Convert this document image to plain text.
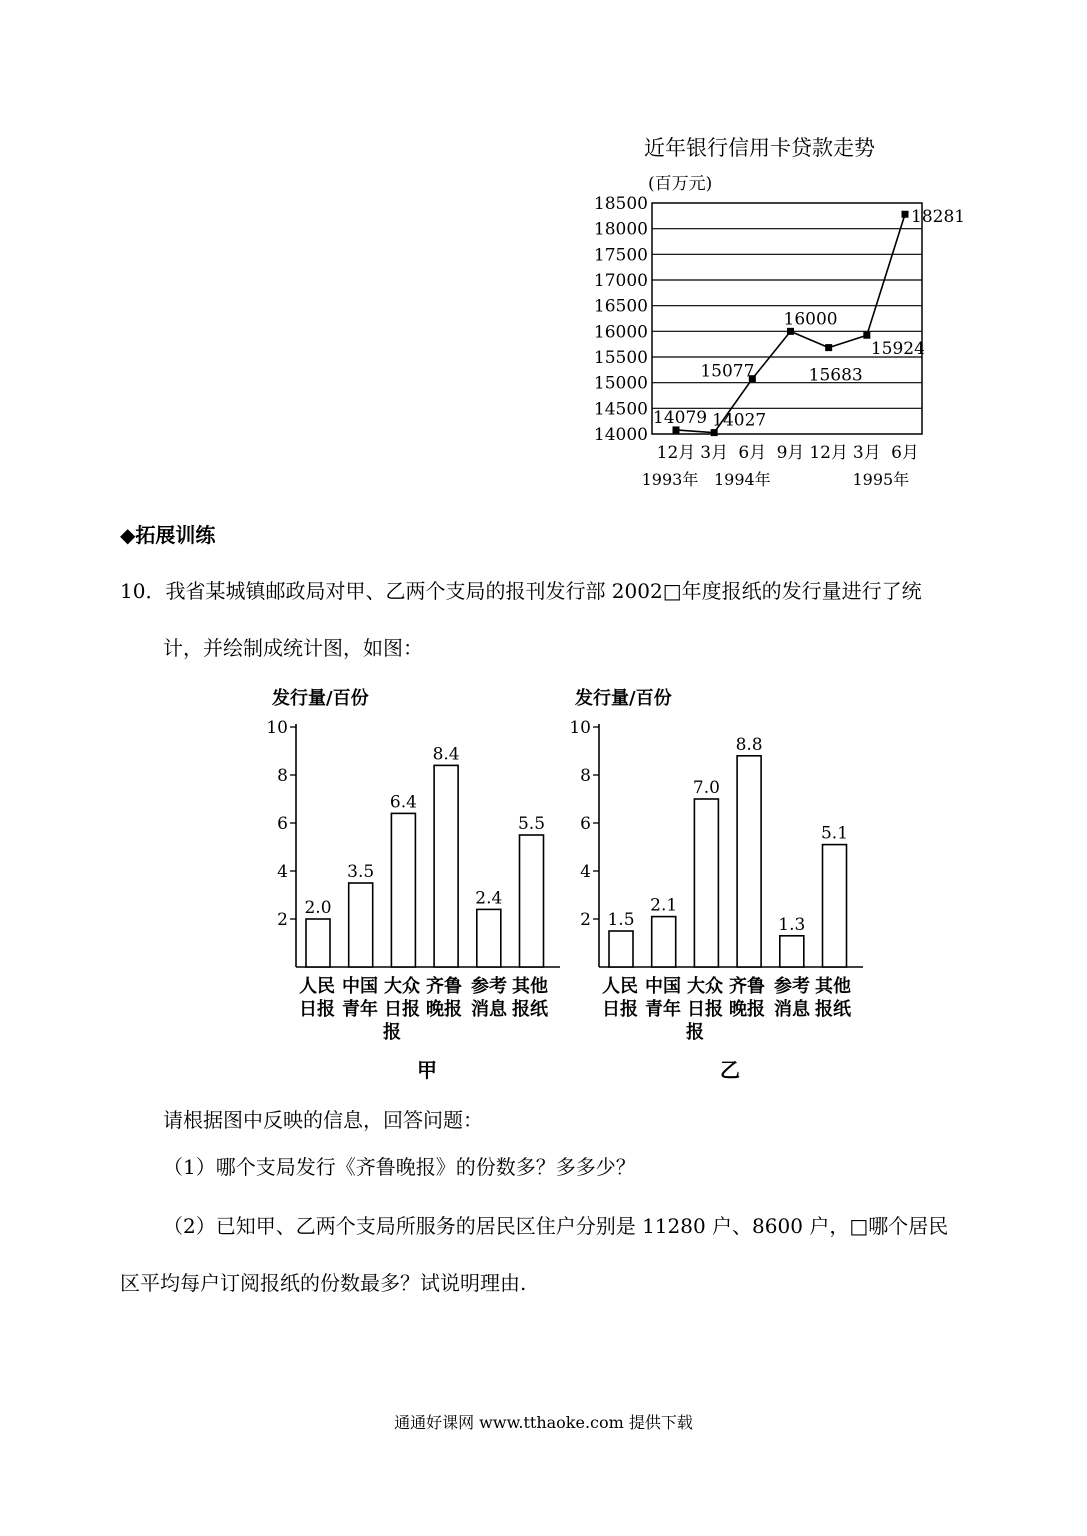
近年银行信用卡贷款走势
(百万元)
18500
18000
17500
17000
16500
16000
15500
15000
14500
14000
14079 14027
15077
16000
15683
15924
18281
12月 3月 6月 9月 12月 3月 6月
1993年 1994年	1995年
◆拓展训练
10．我省某城镇邮政局对甲、乙两个支局的报刊发行部 2002□年度报纸的发行量进行了统
计，并绘制成统计图，如图：
发行量/百份
10
8
6
4
2
2.0
3.5
6.4
8.4
2.4
5.5
人民
日报
中国
青年
报
大众
日报
齐鲁
晚报
参考
消息
其他
报纸
甲
发行量/百份
10
8
6
4
2 1.5
2.1
7.0
8.8
1.3
5.1
人民
日报
中国
青年
报
大众
日报
齐鲁
晚报
参考
消息
其他
报纸
乙
请根据图中反映的信息，回答问题：
（1）哪个支局发行《齐鲁晚报》的份数多？多多少？
（2）已知甲、乙两个支局所服务的居民区住户分别是 11280 户、8600 户，□哪个居民
区平均每户订阅报纸的份数最多？试说明理由.
通通好课网 www.tthaoke.com 提供下载
